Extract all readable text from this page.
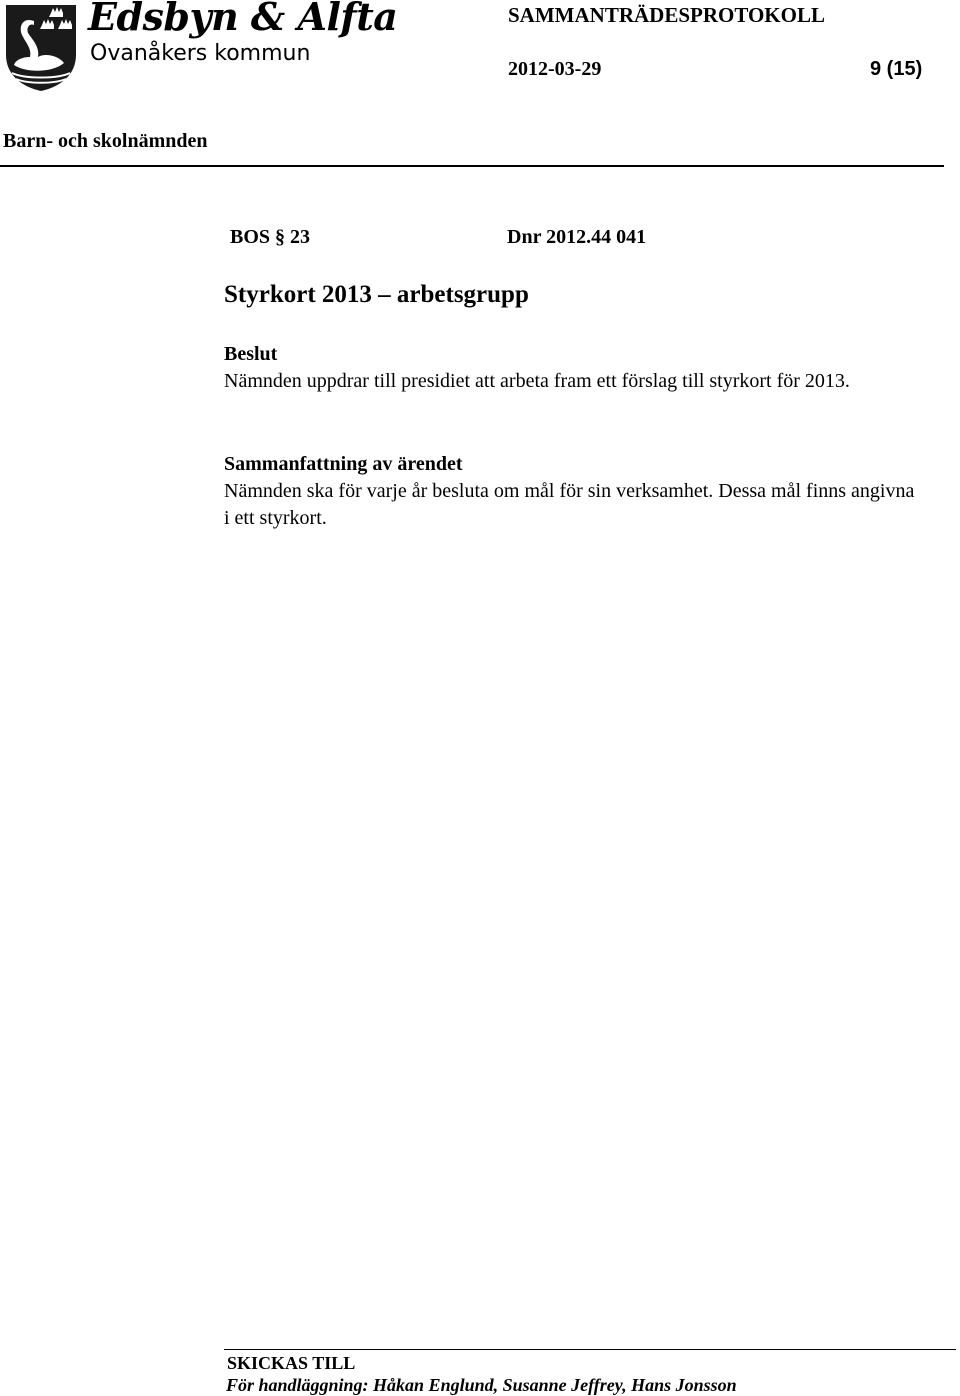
Edsbyn & Alfta
Ovanåkers kommun
SAMMANTRÄDESPROTOKOLL
2012-03-29	9 (15)
Barn- och skolnämnden
BOS § 23	Dnr 2012.44 041
Styrkort 2013 – arbetsgrupp
Beslut

Nämnden uppdrar till presidiet att arbeta fram ett förslag till styrkort för 2013.

Sammanfattning av ärendet

Nämnden ska för varje år besluta om mål för sin verksamhet. Dessa mål finns angivna i ett styrkort.

SKICKAS TILL
För handläggning: Håkan Englund, Susanne Jeffrey, Hans Jonsson
